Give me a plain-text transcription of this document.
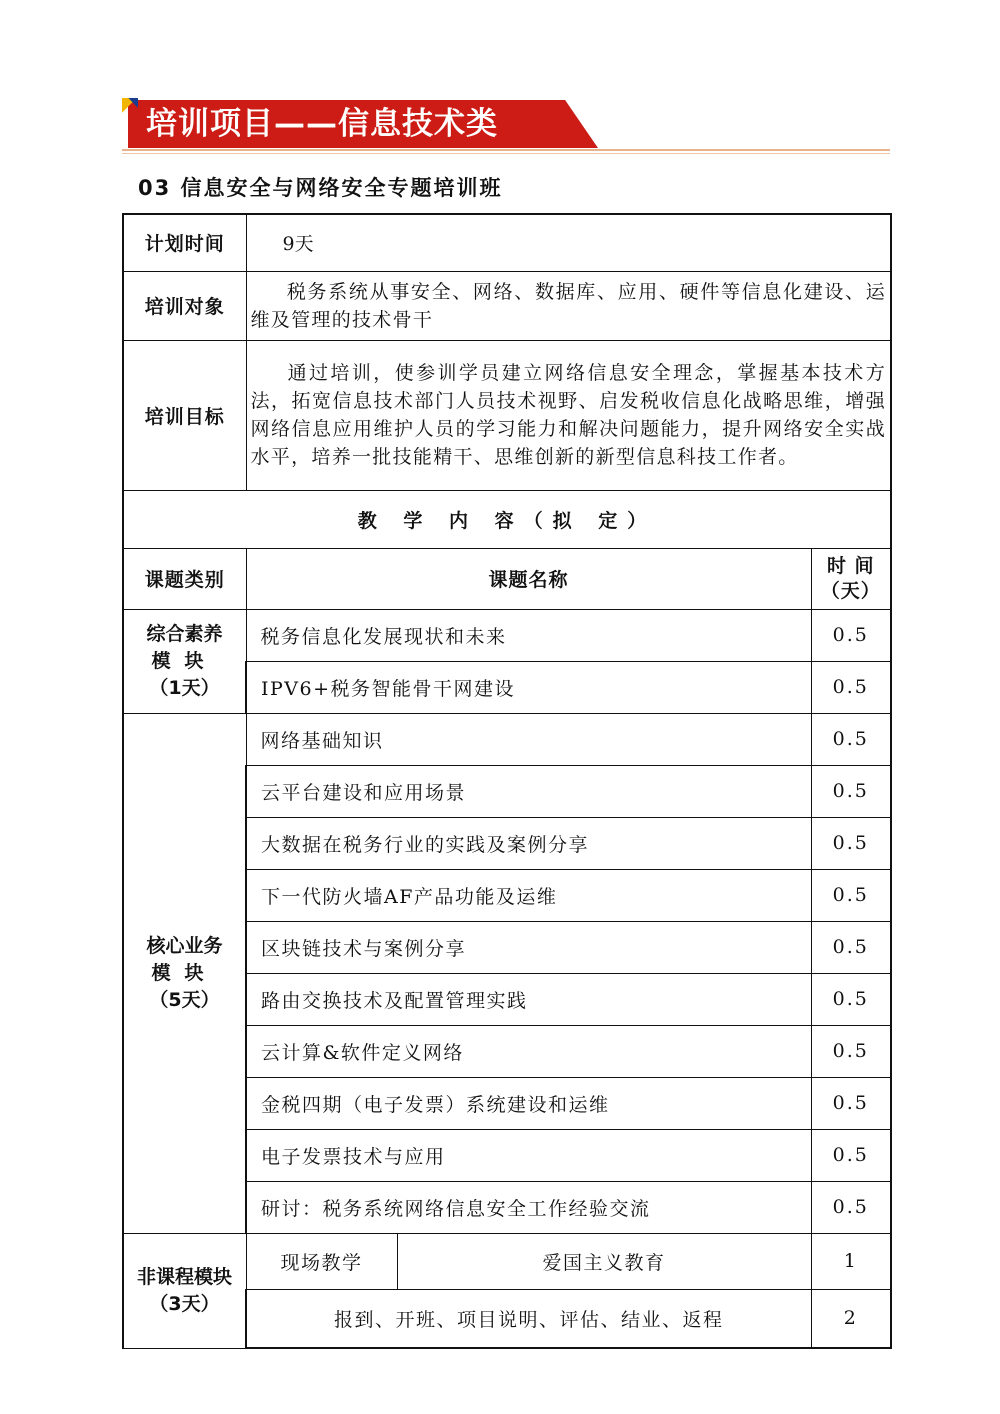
培训项目——信息技术类
03 信息安全与网络安全专题培训班
计划时间	9天		
培训对象	税务系统从事安全、网络、数据库、应用、硬件等信息化建设、运维及管理的技术骨干		
培训目标	通过培训，使参训学员建立网络信息安全理念，掌握基本技术方法，拓宽信息技术部门人员技术视野、启发税收信息化战略思维，增强网络信息应用维护人员的学习能力和解决问题能力，提升网络安全实战水平，培养一批技能精干、思维创新的新型信息科技工作者。		
教 学 内 容（拟 定）			
课题类别	课题名称		时 间
（天）

综合素养
模块
（1天）	税务信息化发展现状和未来		0.5
	IPV6+税务智能骨干网建设		0.5

核心业务
模块
（5天）	网络基础知识		0.5
	云平台建设和应用场景		0.5
	大数据在税务行业的实践及案例分享		0.5
	下一代防火墙AF产品功能及运维		0.5
	区块链技术与案例分享		0.5
	路由交换技术及配置管理实践		0.5
	云计算&软件定义网络		0.5
	金税四期（电子发票）系统建设和运维		0.5
	电子发票技术与应用		0.5
	研讨：税务系统网络信息安全工作经验交流		0.5

非课程模块
（3天）	现场教学	爱国主义教育	1
	报到、开班、项目说明、评估、结业、返程		2
